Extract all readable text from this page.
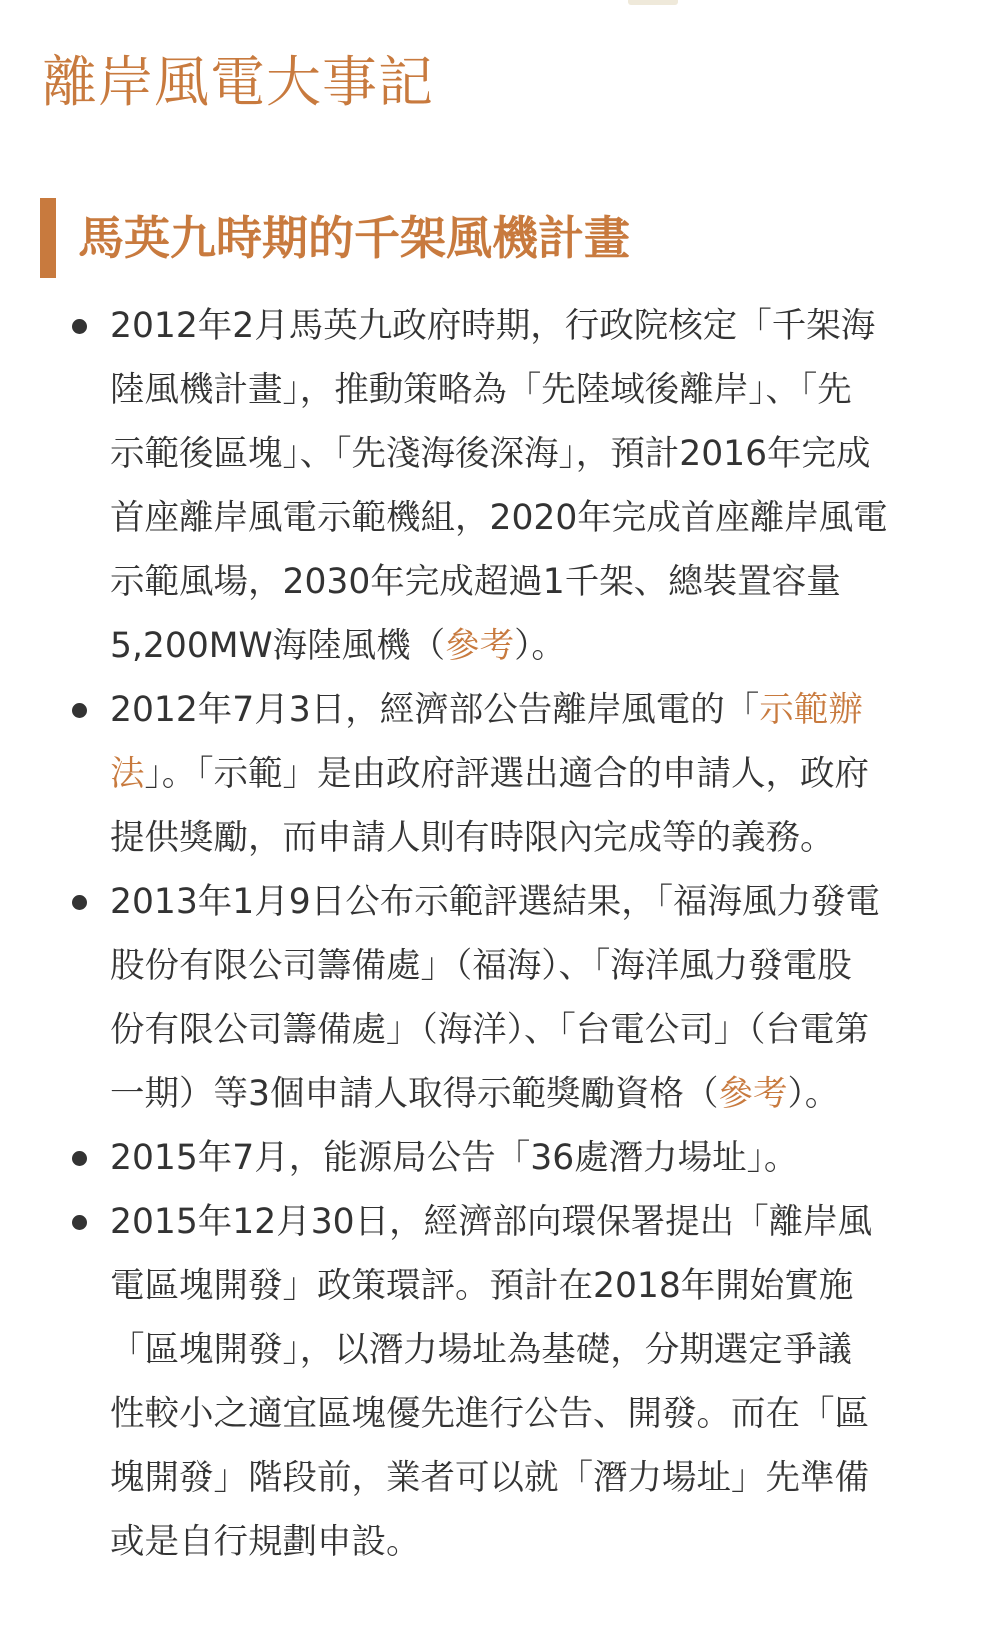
離岸風電大事記
馬英九時期的千架風機計畫
2012年2月馬英九政府時期，行政院核定「千架海
陸風機計畫」，推動策略為「先陸域後離岸」、「先
示範後區塊」、「先淺海後深海」，預計2016年完成
首座離岸風電示範機組，2020年完成首座離岸風電
示範風場，2030年完成超過1千架、總裝置容量
5,200MW海陸風機（參考）。
2012年7月3日，經濟部公告離岸風電的「示範辦
法」。「示範」是由政府評選出適合的申請人，政府
提供獎勵，而申請人則有時限內完成等的義務。
2013年1月9日公布示範評選結果，「福海風力發電
股份有限公司籌備處」（福海）、「海洋風力發電股
份有限公司籌備處」（海洋）、「台電公司」（台電第
一期）等3個申請人取得示範獎勵資格（參考）。
2015年7月，能源局公告「36處潛力場址」。
2015年12月30日，經濟部向環保署提出「離岸風
電區塊開發」政策環評。預計在2018年開始實施
「區塊開發」，以潛力場址為基礎，分期選定爭議
性較小之適宜區塊優先進行公告、開發。而在「區
塊開發」階段前，業者可以就「潛力場址」先準備
或是自行規劃申設。
